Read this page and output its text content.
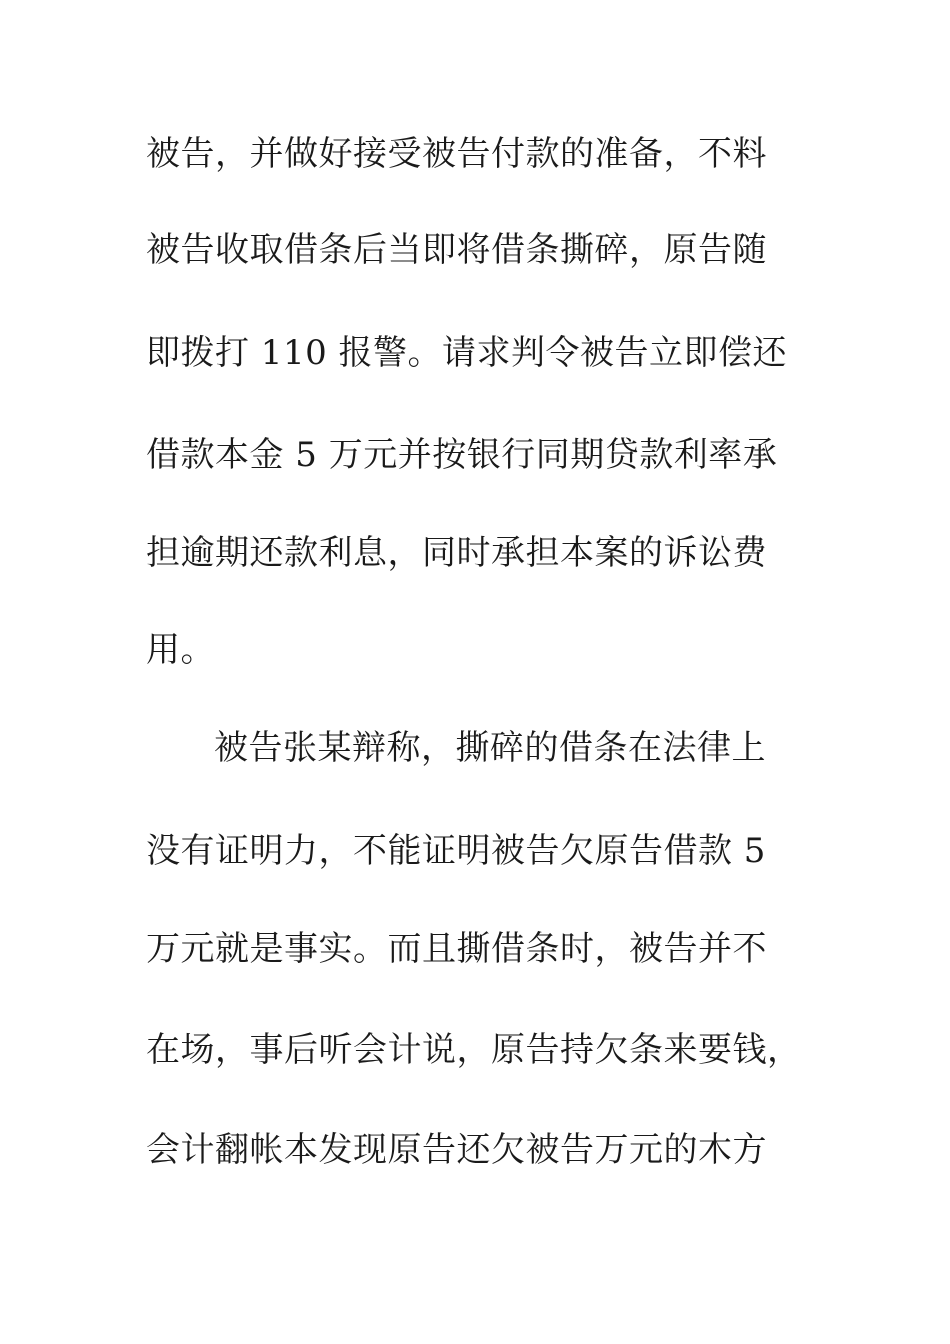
被告，并做好接受被告付款的准备，不料
被告收取借条后当即将借条撕碎，原告随
即拨打 110 报警。请求判令被告立即偿还
借款本金 5 万元并按银行同期贷款利率承
担逾期还款利息，同时承担本案的诉讼费
用。
被告张某辩称，撕碎的借条在法律上
没有证明力，不能证明被告欠原告借款 5
万元就是事实。而且撕借条时，被告并不
在场，事后听会计说，原告持欠条来要钱，
会计翻帐本发现原告还欠被告万元的木方
